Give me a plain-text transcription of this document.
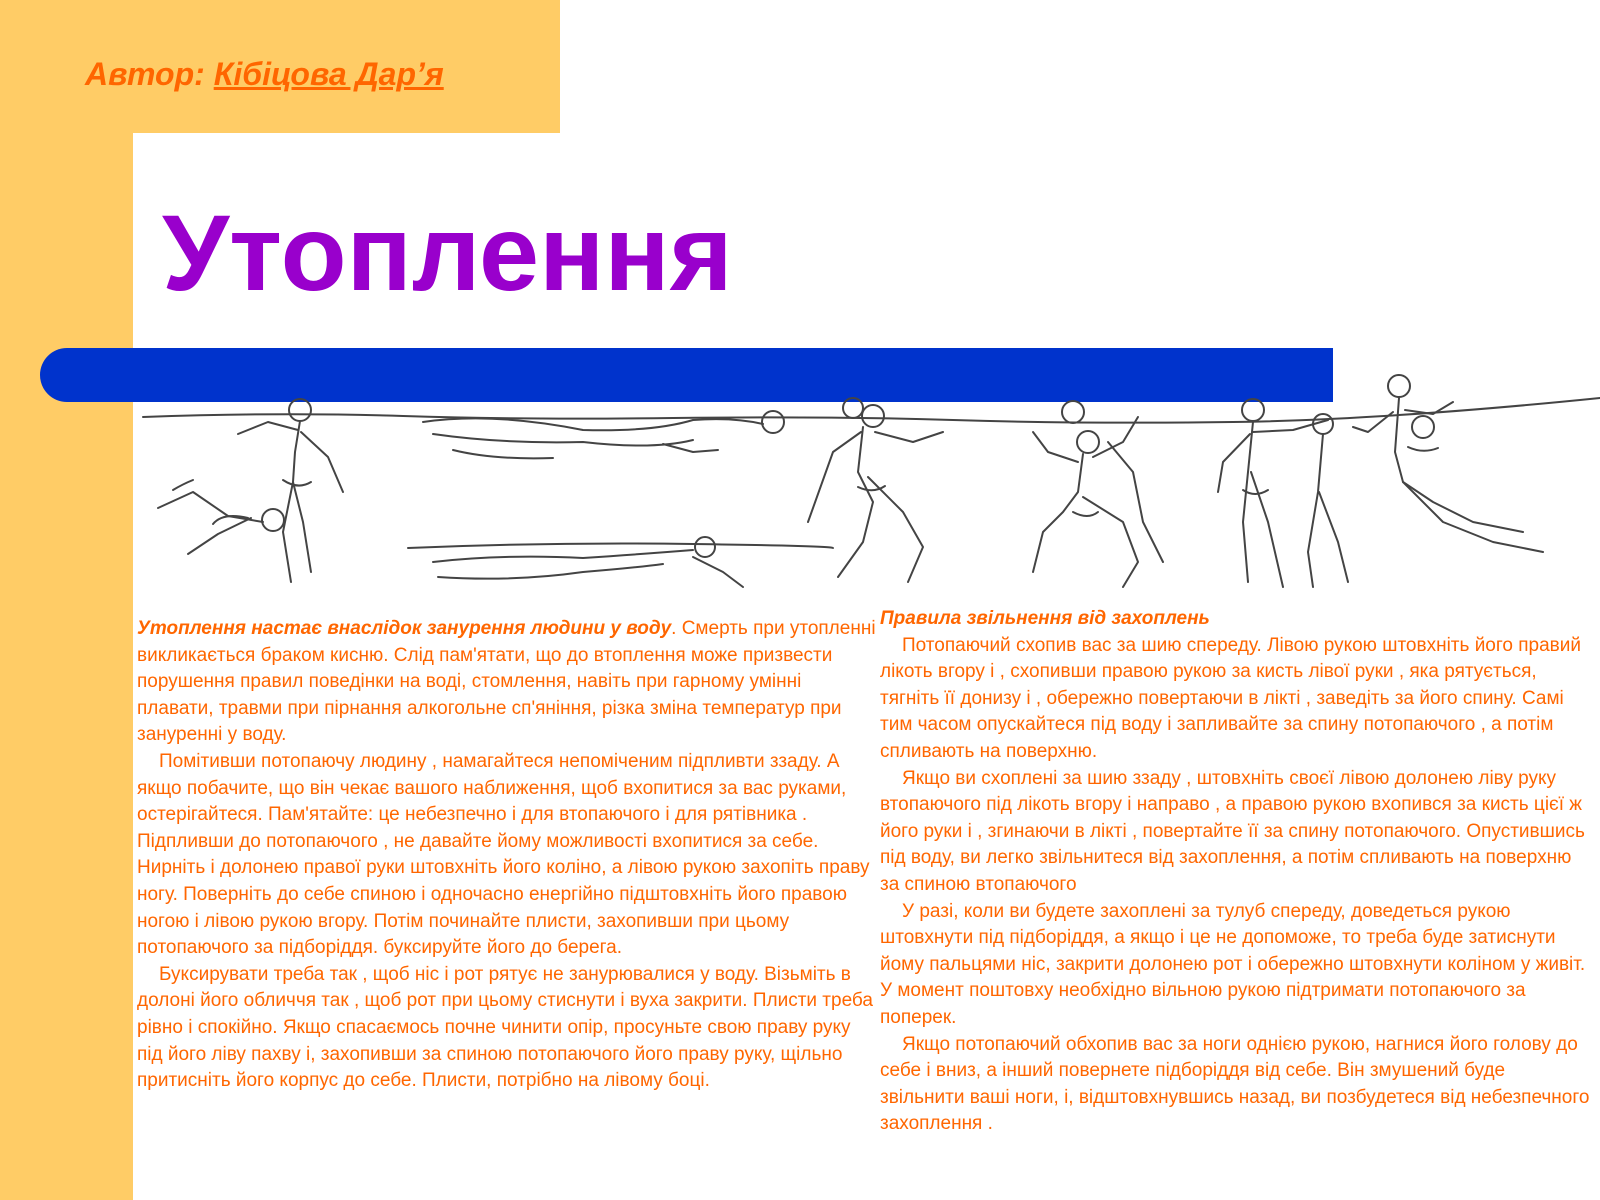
Автор: Кібіцова Дар’я
Утоплення

Утоплення настає внаслідок занурення людини у воду. Смерть при утопленні викликається браком кисню. Слід пам'ятати, що до втоплення може призвести порушення правил поведінки на воді, стомлення, навіть при гарному умінні плавати, травми при пірнання алкогольне сп'яніння, різка зміна температур при зануренні у воду.

Помітивши потопаючу людину , намагайтеся непоміченим підпливти ззаду. А якщо побачите, що він чекає вашого наближення, щоб вхопитися за вас руками, остерігайтеся. Пам'ятайте: це небезпечно і для втопаючого і для рятівника . Підпливши до потопаючого , не давайте йому можливості вхопитися за себе. Нирніть і долонею правої руки штовхніть його коліно, а лівою рукою захопіть праву ногу. Поверніть до себе спиною і одночасно енергійно підштовхніть його правою ногою і лівою рукою вгору. Потім починайте плисти, захопивши при цьому потопаючого за підборіддя. буксируйте його до берега.

Буксирувати треба так , щоб ніс і рот рятує не занурювалися у воду. Візьміть в долоні його обличчя так , щоб рот при цьому стиснути і вуха закрити. Плисти треба рівно і спокійно. Якщо спасаємось почне чинити опір, просуньте свою праву руку під його ліву пахву і, захопивши за спиною потопаючого його праву руку, щільно притисніть його корпус до себе. Плисти, потрібно на лівому боці.

Правила звільнення від захоплень

Потопаючий схопив вас за шию спереду. Лівою рукою штовхніть його правий лікоть вгору і , схопивши правою рукою за кисть лівої руки , яка рятується, тягніть її донизу і , обережно повертаючи в лікті , заведіть за його спину. Самі тим часом опускайтеся під воду і запливайте за спину потопаючого , а потім спливають на поверхню.

Якщо ви схоплені за шию ззаду , штовхніть своєї лівою долонею ліву руку втопаючого під лікоть вгору і направо , а правою рукою вхопився за кисть цієї ж його руки і , згинаючи в лікті , повертайте її за спину потопаючого. Опустившись під воду, ви легко звільнитеся від захоплення, а потім спливають на поверхню за спиною втопаючого

У разі, коли ви будете захоплені за тулуб спереду, доведеться рукою штовхнути під підборіддя, а якщо і це не допоможе, то треба буде затиснути йому пальцями ніс, закрити долонею рот і обережно штовхнути коліном у живіт. У момент поштовху необхідно вільною рукою підтримати потопаючого за поперек.

Якщо потопаючий обхопив вас за ноги однією рукою, нагнися його голову до себе і вниз, а інший повернете підборіддя від себе. Він змушений буде звільнити ваші ноги, і, відштовхнувшись назад, ви позбудетеся від небезпечного захоплення .
